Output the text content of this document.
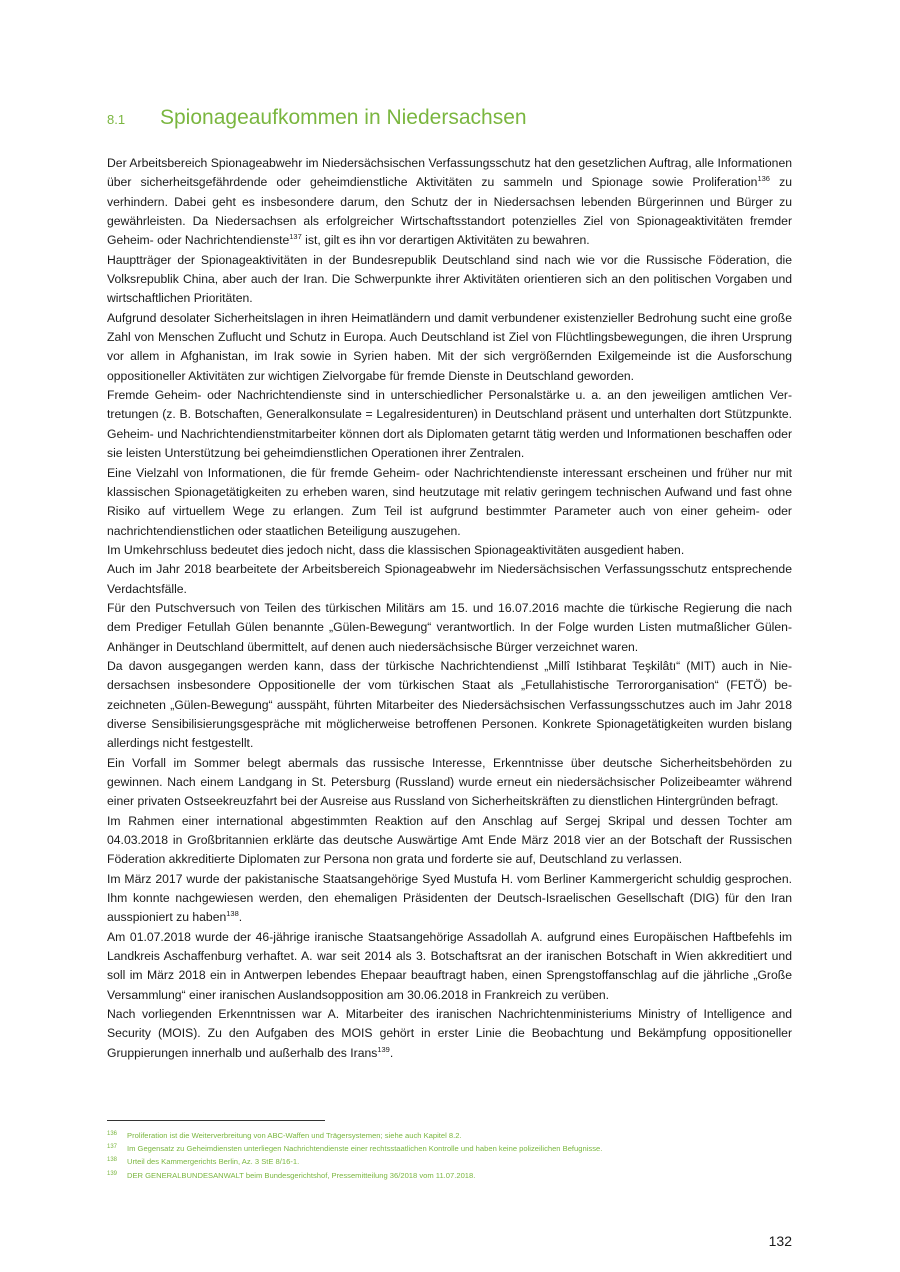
8.1 Spionageaufkommen in Niedersachsen

Der Arbeitsbereich Spionageabwehr im Niedersächsischen Verfassungsschutz hat den gesetzlichen Auftrag, alle Informationen über sicherheitsgefährdende oder geheimdienstliche Aktivitäten zu sammeln und Spionage sowie Proliferation$^{136}$ zu verhindern. Dabei geht es insbesondere darum, den Schutz der in Niedersachsen lebenden Bürgerinnen und Bürger zu gewährleisten. Da Niedersachsen als erfolgreicher Wirtschaftsstandort potenzielles Ziel von Spionageaktivitäten fremder Geheim- oder Nachrichtendienste$^{137}$ ist, gilt es ihn vor derartigen Aktivitäten zu bewahren.

Hauptträger der Spionageaktivitäten in der Bundesrepublik Deutschland sind nach wie vor die Russische Föderation, die Volksrepublik China, aber auch der Iran. Die Schwerpunkte ihrer Aktivitäten orientieren sich an den politischen Vorgaben und wirtschaftlichen Prioritäten.

Aufgrund desolater Sicherheitslagen in ihren Heimatländern und damit verbundener existenzieller Bedrohung sucht eine große Zahl von Menschen Zuflucht und Schutz in Europa. Auch Deutschland ist Ziel von Flüchtlingsbewegungen, die ihren Ursprung vor allem in Afghanistan, im Irak sowie in Syrien haben. Mit der sich vergrößernden Exilgemeinde ist die Ausforschung oppositioneller Aktivitäten zur wichtigen Zielvorgabe für fremde Dienste in Deutschland geworden.

Fremde Geheim- oder Nachrichtendienste sind in unterschiedlicher Personalstärke u. a. an den jeweiligen amtlichen Vertretungen (z. B. Botschaften, Generalkonsulate = Legalresidenturen) in Deutschland präsent und unterhalten dort Stützpunkte. Geheim- und Nachrichtendienstmitarbeiter können dort als Diplomaten getarnt tätig werden und Informationen beschaffen oder sie leisten Unterstützung bei geheimdienstlichen Operationen ihrer Zentralen.

Eine Vielzahl von Informationen, die für fremde Geheim- oder Nachrichtendienste interessant erscheinen und früher nur mit klassischen Spionagetätigkeiten zu erheben waren, sind heutzutage mit relativ geringem technischen Aufwand und fast ohne Risiko auf virtuellem Wege zu erlangen. Zum Teil ist aufgrund bestimmter Parameter auch von einer geheim- oder nachrichtendienstlichen oder staatlichen Beteiligung auszugehen.

Im Umkehrschluss bedeutet dies jedoch nicht, dass die klassischen Spionageaktivitäten ausgedient haben.

Auch im Jahr 2018 bearbeitete der Arbeitsbereich Spionageabwehr im Niedersächsischen Verfassungsschutz entsprechende Verdachtsfälle.

Für den Putschversuch von Teilen des türkischen Militärs am 15. und 16.07.2016 machte die türkische Regierung die nach dem Prediger Fetullah Gülen benannte „Gülen-Bewegung“ verantwortlich. In der Folge wurden Listen mutmaßlicher Gülen-Anhänger in Deutschland übermittelt, auf denen auch niedersächsische Bürger verzeichnet waren.

Da davon ausgegangen werden kann, dass der türkische Nachrichtendienst „Millî Istihbarat Teşkilâtı“ (MIT) auch in Niedersachsen insbesondere Oppositionelle der vom türkischen Staat als „Fetullahistische Terrororganisation“ (FETÖ) bezeichneten „Gülen-Bewegung“ ausspäht, führten Mitarbeiter des Niedersächsischen Verfassungsschutzes auch im Jahr 2018 diverse Sensibilisierungsgespräche mit möglicherweise betroffenen Personen. Konkrete Spionagetätigkeiten wurden bislang allerdings nicht festgestellt.

Ein Vorfall im Sommer belegt abermals das russische Interesse, Erkenntnisse über deutsche Sicherheitsbehörden zu gewinnen. Nach einem Landgang in St. Petersburg (Russland) wurde erneut ein niedersächsischer Polizeibeamter während einer privaten Ostseekreuzfahrt bei der Ausreise aus Russland von Sicherheitskräften zu dienstlichen Hintergründen befragt.

Im Rahmen einer international abgestimmten Reaktion auf den Anschlag auf Sergej Skripal und dessen Tochter am 04.03.2018 in Großbritannien erklärte das deutsche Auswärtige Amt Ende März 2018 vier an der Botschaft der Russischen Föderation akkreditierte Diplomaten zur Persona non grata und forderte sie auf, Deutschland zu verlassen.

Im März 2017 wurde der pakistanische Staatsangehörige Syed Mustufa H. vom Berliner Kammergericht schuldig gesprochen. Ihm konnte nachgewiesen werden, den ehemaligen Präsidenten der Deutsch-Israelischen Gesellschaft (DIG) für den Iran ausspioniert zu haben$^{138}$.

Am 01.07.2018 wurde der 46-jährige iranische Staatsangehörige Assadollah A. aufgrund eines Europäischen Haftbefehls im Landkreis Aschaffenburg verhaftet. A. war seit 2014 als 3. Botschaftsrat an der iranischen Botschaft in Wien akkreditiert und soll im März 2018 ein in Antwerpen lebendes Ehepaar beauftragt haben, einen Sprengstoffanschlag auf die jährliche „Große Versammlung“ einer iranischen Auslandsopposition am 30.06.2018 in Frankreich zu verüben.

Nach vorliegenden Erkenntnissen war A. Mitarbeiter des iranischen Nachrichtenministeriums Ministry of Intelligence and Security (MOIS). Zu den Aufgaben des MOIS gehört in erster Linie die Beobachtung und Bekämpfung oppositioneller Gruppierungen innerhalb und außerhalb des Irans$^{139}$.

136	Proliferation ist die Weiterverbreitung von ABC-Waffen und Trägersystemen; siehe auch Kapitel 8.2.
137	Im Gegensatz zu Geheimdiensten unterliegen Nachrichtendienste einer rechtsstaatlichen Kontrolle und haben keine polizeilichen Befugnisse.
138	Urteil des Kammergerichts Berlin, Az. 3 StE 8/16-1.
139	DER GENERALBUNDESANWALT beim Bundesgerichtshof, Pressemitteilung 36/2018 vom 11.07.2018.
132
